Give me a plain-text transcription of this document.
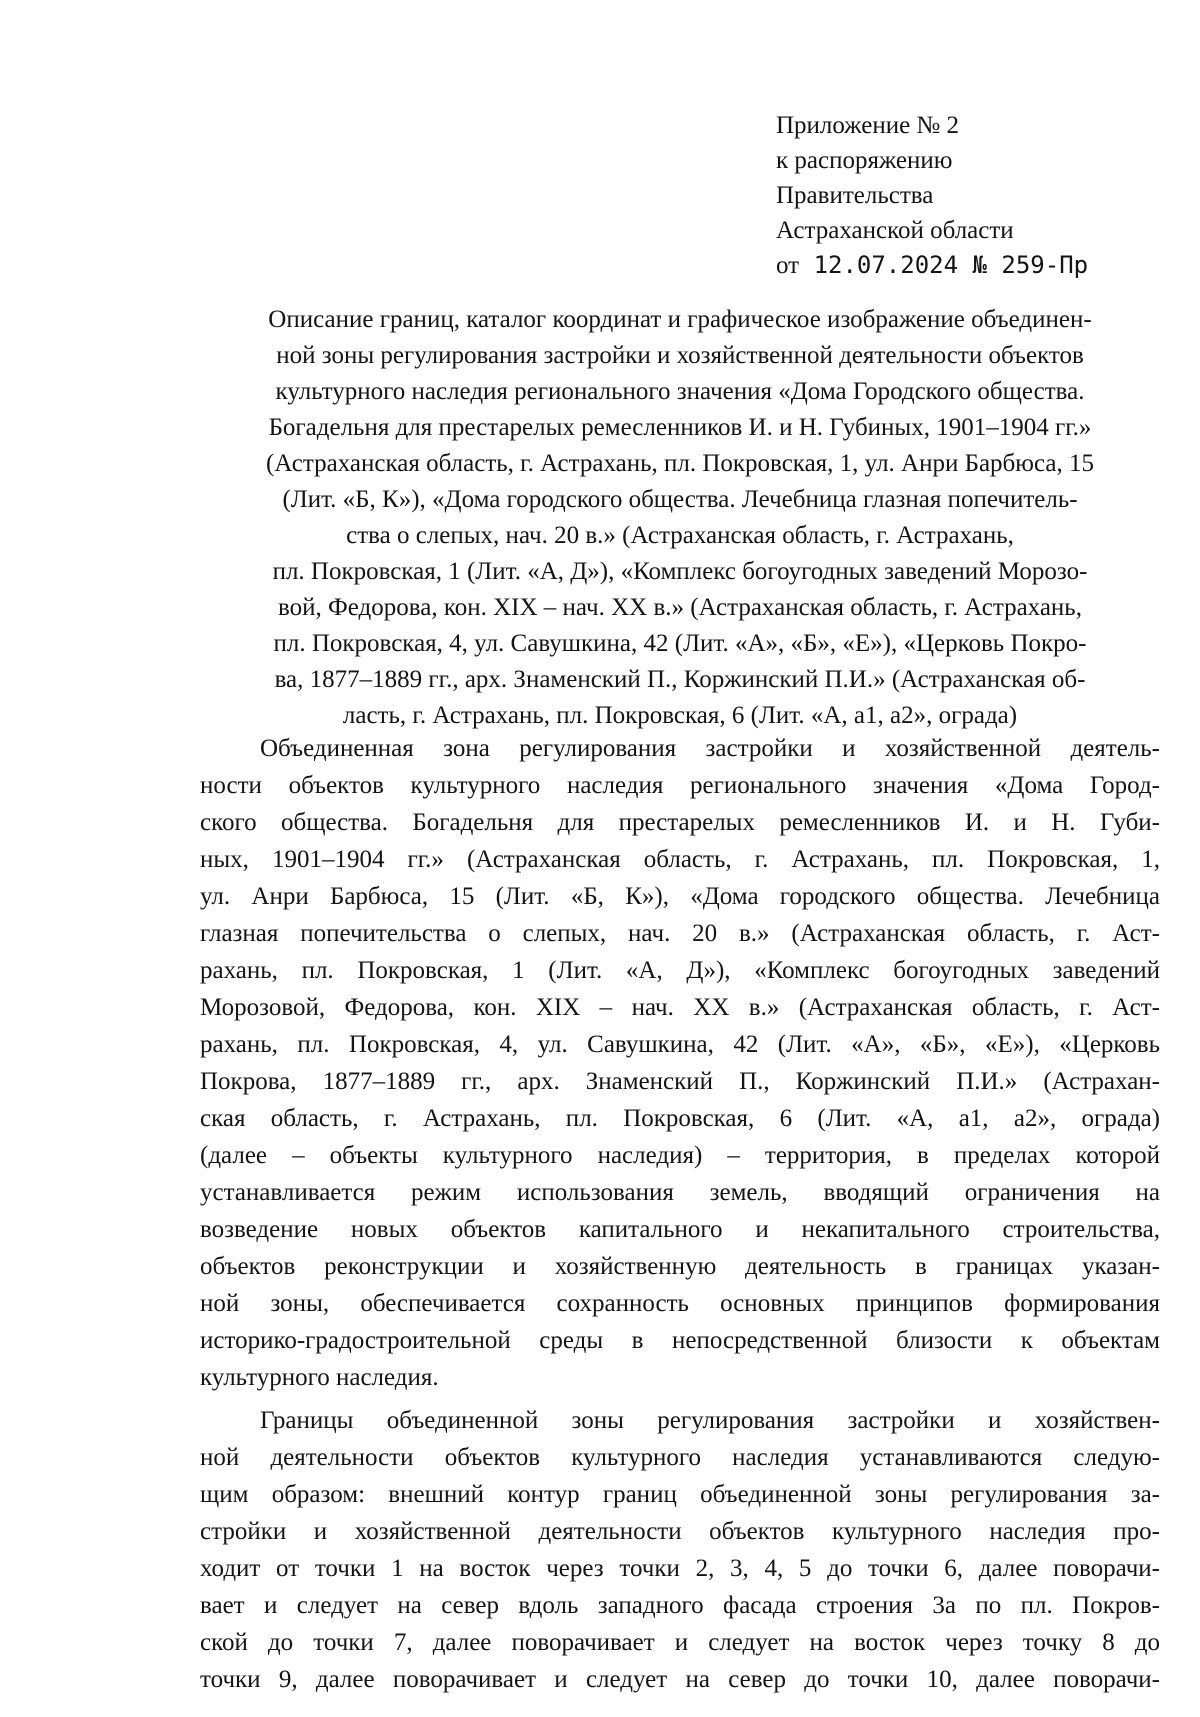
Приложение № 2
к распоряжению
Правительства
Астраханской области
от 12.07.2024 № 259-Пр
Описание границ, каталог координат и графическое изображение объединен-
ной зоны регулирования застройки и хозяйственной деятельности объектов
культурного наследия регионального значения «Дома Городского общества.
Богадельня для престарелых ремесленников И. и Н. Губиных, 1901–1904 гг.»
(Астраханская область, г. Астрахань, пл. Покровская, 1, ул. Анри Барбюса, 15
(Лит. «Б, К»), «Дома городского общества. Лечебница глазная попечитель-
ства о слепых, нач. 20 в.» (Астраханская область, г. Астрахань,
пл. Покровская, 1 (Лит. «А, Д»), «Комплекс богоугодных заведений Морозо-
вой, Федорова, кон. XIX – нач. XX в.» (Астраханская область, г. Астрахань,
пл. Покровская, 4, ул. Савушкина, 42 (Лит. «А», «Б», «Е»), «Церковь Покро-
ва, 1877–1889 гг., арх. Знаменский П., Коржинский П.И.» (Астраханская об-
ласть, г. Астрахань, пл. Покровская, 6 (Лит. «А, а1, а2», ограда)
Объединенная зона регулирования застройки и хозяйственной деятель-
ности объектов культурного наследия регионального значения «Дома Город-
ского общества. Богадельня для престарелых ремесленников И. и Н. Губи-
ных, 1901–1904 гг.» (Астраханская область, г. Астрахань, пл. Покровская, 1,
ул. Анри Барбюса, 15 (Лит. «Б, К»), «Дома городского общества. Лечебница
глазная попечительства о слепых, нач. 20 в.» (Астраханская область, г. Аст-
рахань, пл. Покровская, 1 (Лит. «А, Д»), «Комплекс богоугодных заведений
Морозовой, Федорова, кон. XIX – нач. XX в.» (Астраханская область, г. Аст-
рахань, пл. Покровская, 4, ул. Савушкина, 42 (Лит. «А», «Б», «Е»), «Церковь
Покрова, 1877–1889 гг., арх. Знаменский П., Коржинский П.И.» (Астрахан-
ская область, г. Астрахань, пл. Покровская, 6 (Лит. «А, а1, а2», ограда)
(далее – объекты культурного наследия) – территория, в пределах которой
устанавливается режим использования земель, вводящий ограничения на
возведение новых объектов капитального и некапитального строительства,
объектов реконструкции и хозяйственную деятельность в границах указан-
ной зоны, обеспечивается сохранность основных принципов формирования
историко-градостроительной среды в непосредственной близости к объектам
культурного наследия.
Границы объединенной зоны регулирования застройки и хозяйствен-
ной деятельности объектов культурного наследия устанавливаются следую-
щим образом: внешний контур границ объединенной зоны регулирования за-
стройки и хозяйственной деятельности объектов культурного наследия про-
ходит от точки 1 на восток через точки 2, 3, 4, 5 до точки 6, далее поворачи-
вает и следует на север вдоль западного фасада строения 3а по пл. Покров-
ской до точки 7, далее поворачивает и следует на восток через точку 8 до
точки 9, далее поворачивает и следует на север до точки 10, далее поворачи-
